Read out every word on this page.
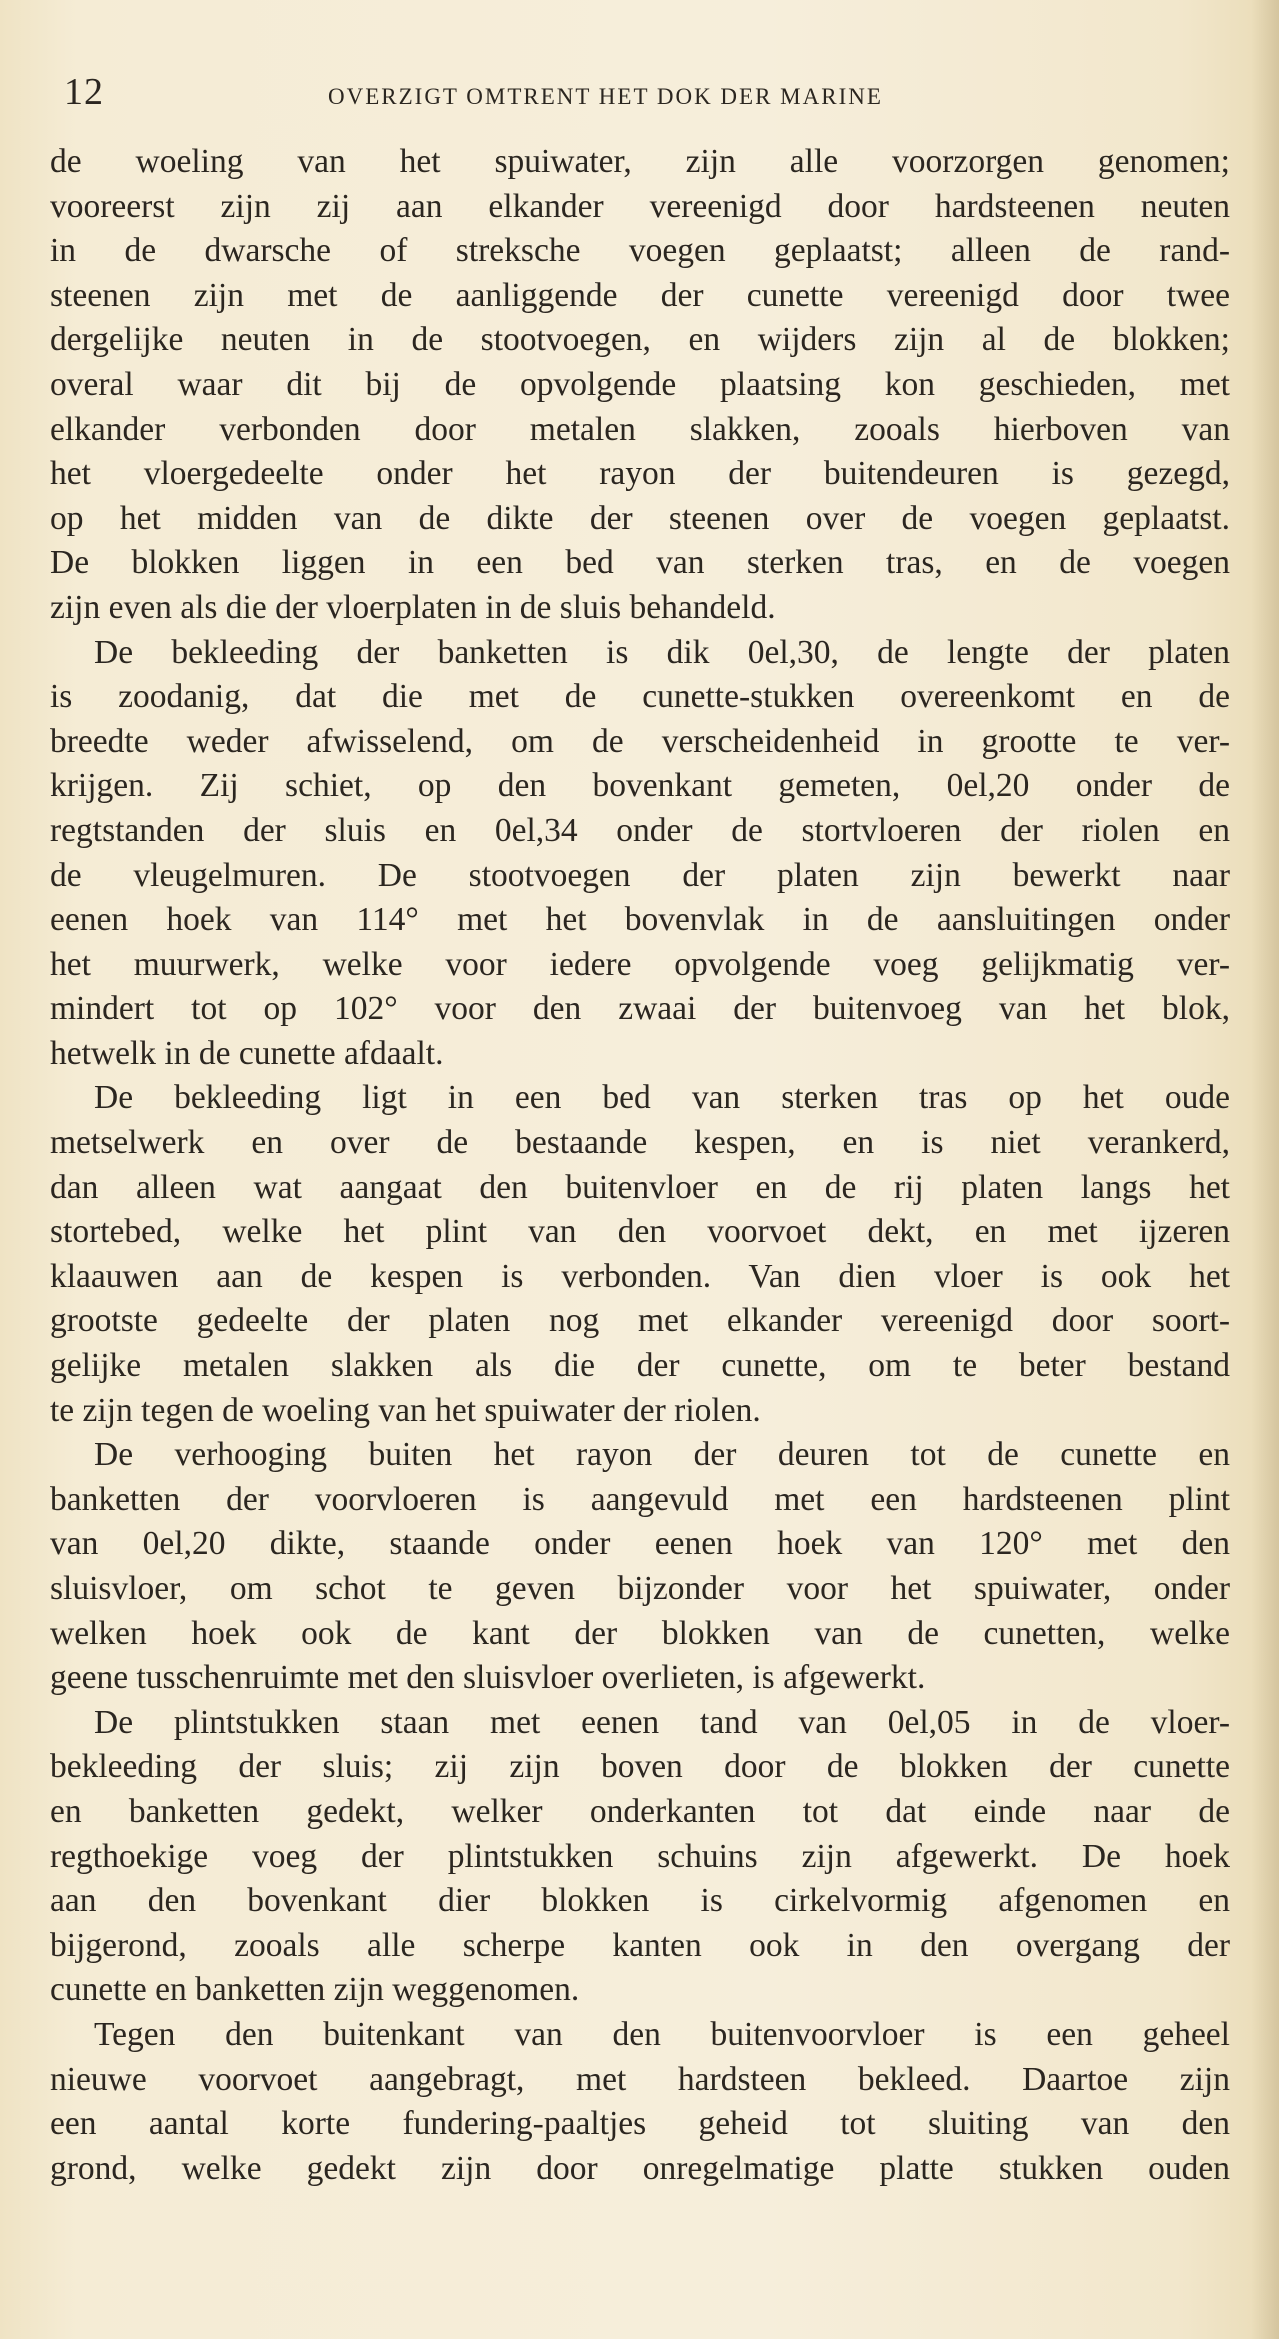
12	OVERZIGT OMTRENT HET DOK DER MARINE
de woeling van het spuiwater, zijn alle voorzorgen genomen;
vooreerst zijn zij aan elkander vereenigd door hardsteenen neuten
in de dwarsche of streksche voegen geplaatst; alleen de rand-
steenen zijn met de aanliggende der cunette vereenigd door twee
dergelijke neuten in de stootvoegen, en wijders zijn al de blokken;
overal waar dit bij de opvolgende plaatsing kon geschieden, met
elkander verbonden door metalen slakken, zooals hierboven van
het vloergedeelte onder het rayon der buitendeuren is gezegd,
op het midden van de dikte der steenen over de voegen geplaatst.
De blokken liggen in een bed van sterken tras, en de voegen
zijn even als die der vloerplaten in de sluis behandeld.
De bekleeding der banketten is dik 0el,30, de lengte der platen
is zoodanig, dat die met de cunette-stukken overeenkomt en de
breedte weder afwisselend, om de verscheidenheid in grootte te ver-
krijgen. Zij schiet, op den bovenkant gemeten, 0el,20 onder de
regtstanden der sluis en 0el,34 onder de stortvloeren der riolen en
de vleugelmuren. De stootvoegen der platen zijn bewerkt naar
eenen hoek van 114° met het bovenvlak in de aansluitingen onder
het muurwerk, welke voor iedere opvolgende voeg gelijkmatig ver-
mindert tot op 102° voor den zwaai der buitenvoeg van het blok,
hetwelk in de cunette afdaalt.
De bekleeding ligt in een bed van sterken tras op het oude
metselwerk en over de bestaande kespen, en is niet verankerd,
dan alleen wat aangaat den buitenvloer en de rij platen langs het
stortebed, welke het plint van den voorvoet dekt, en met ijzeren
klaauwen aan de kespen is verbonden. Van dien vloer is ook het
grootste gedeelte der platen nog met elkander vereenigd door soort-
gelijke metalen slakken als die der cunette, om te beter bestand
te zijn tegen de woeling van het spuiwater der riolen.
De verhooging buiten het rayon der deuren tot de cunette en
banketten der voorvloeren is aangevuld met een hardsteenen plint
van 0el,20 dikte, staande onder eenen hoek van 120° met den
sluisvloer, om schot te geven bijzonder voor het spuiwater, onder
welken hoek ook de kant der blokken van de cunetten, welke
geene tusschenruimte met den sluisvloer overlieten, is afgewerkt.
De plintstukken staan met eenen tand van 0el,05 in de vloer-
bekleeding der sluis; zij zijn boven door de blokken der cunette
en banketten gedekt, welker onderkanten tot dat einde naar de
regthoekige voeg der plintstukken schuins zijn afgewerkt. De hoek
aan den bovenkant dier blokken is cirkelvormig afgenomen en
bijgerond, zooals alle scherpe kanten ook in den overgang der
cunette en banketten zijn weggenomen.
Tegen den buitenkant van den buitenvoorvloer is een geheel
nieuwe voorvoet aangebragt, met hardsteen bekleed. Daartoe zijn
een aantal korte fundering-paaltjes geheid tot sluiting van den
grond, welke gedekt zijn door onregelmatige platte stukken ouden
